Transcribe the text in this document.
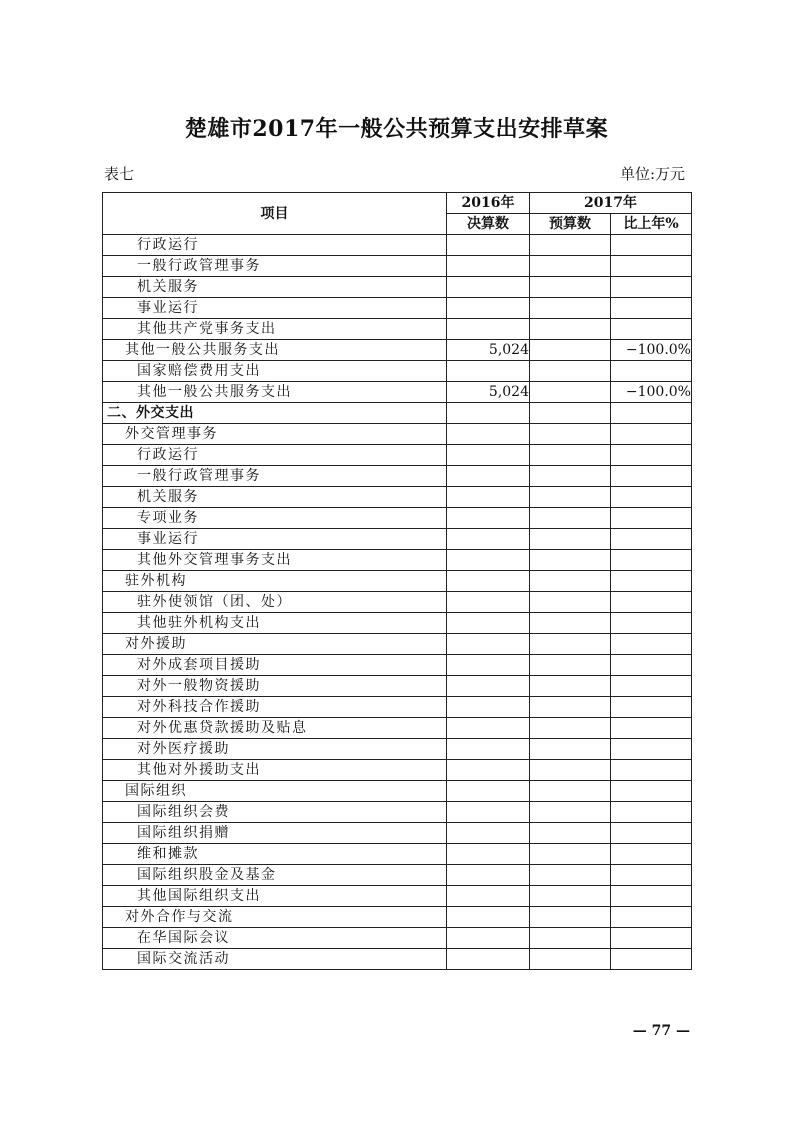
楚雄市2017年一般公共预算支出安排草案
表七	单位:万元
项目	2016年	2017年	
	决算数	预算数	比上年%
行政运行			
一般行政管理事务			
机关服务			
事业运行			
其他共产党事务支出			
其他一般公共服务支出	5,024		−100.0%
国家赔偿费用支出			
其他一般公共服务支出	5,024		−100.0%
二、外交支出			
外交管理事务			
行政运行			
一般行政管理事务			
机关服务			
专项业务			
事业运行			
其他外交管理事务支出			
驻外机构			
驻外使领馆（团、处）			
其他驻外机构支出			
对外援助			
对外成套项目援助			
对外一般物资援助			
对外科技合作援助			
对外优惠贷款援助及贴息			
对外医疗援助			
其他对外援助支出			
国际组织			
国际组织会费			
国际组织捐赠			
维和摊款			
国际组织股金及基金			
其他国际组织支出			
对外合作与交流			
在华国际会议			
国际交流活动			
— 77 —
